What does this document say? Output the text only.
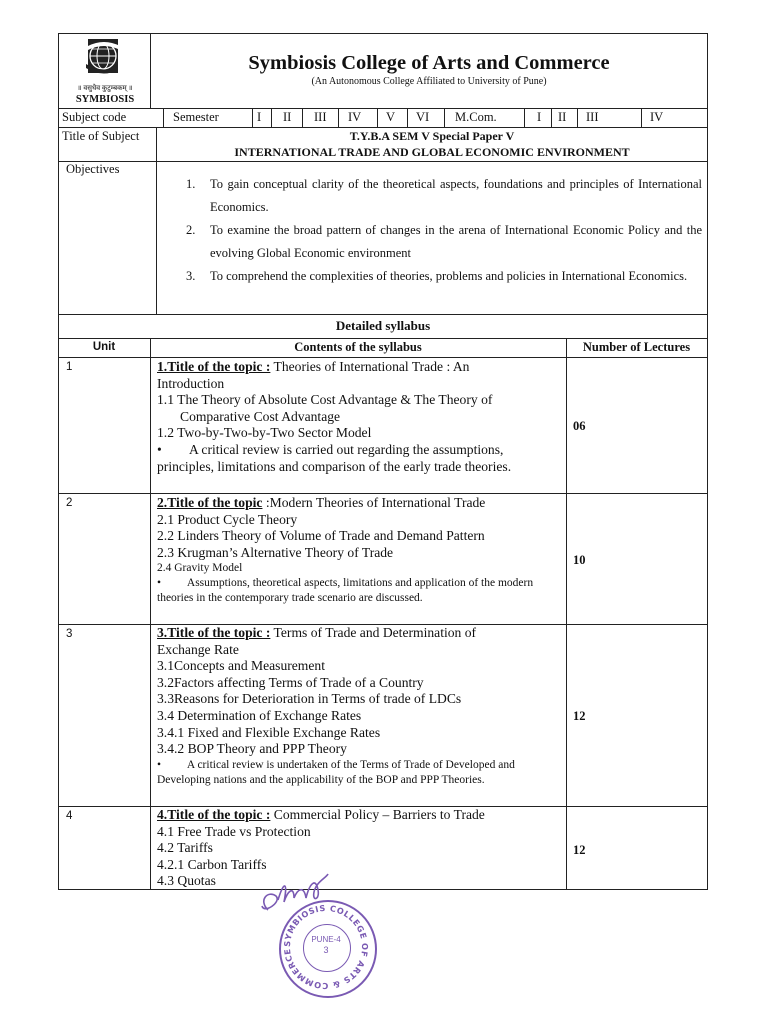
॥ वसुधैव कुटुम्बकम् ॥
SYMBIOSIS
Symbiosis College of Arts and Commerce
(An Autonomous College Affiliated to University of Pune)
Subject code	Semester	I II III IV V VI M.Com.	I II III	IV
Title of Subject	T.Y.B.A SEM V Special Paper V
INTERNATIONAL TRADE AND GLOBAL ECONOMIC ENVIRONMENT
Objectives
1.	To gain conceptual clarity of the theoretical aspects, foundations and principles of International Economics.
2.	To examine the broad pattern of changes in the arena of International Economic Policy and the evolving Global Economic environment
3.	To comprehend the complexities of theories, problems and policies in International Economics.
Detailed syllabus
Unit	Contents of the syllabus	Number of Lectures
1	1.Title of the topic : Theories of International Trade : An
Introduction
1.1 The Theory of Absolute Cost Advantage & The Theory of
Comparative Cost Advantage
1.2 Two-by-Two-by-Two Sector Model
• A critical review is carried out regarding the assumptions, principles, limitations and comparison of the early trade theories.
06
2	2.Title of the topic :Modern Theories of International Trade
2.1 Product Cycle Theory
2.2 Linders Theory of Volume of Trade and Demand Pattern
2.3 Krugman’s Alternative Theory of Trade
2.4 Gravity Model
• Assumptions, theoretical aspects, limitations and application of the modern theories in the contemporary trade scenario are discussed.
10
3	3.Title of the topic : Terms of Trade and Determination of
Exchange Rate
3.1Concepts and Measurement
3.2Factors affecting Terms of Trade of a Country
3.3Reasons for Deterioration in Terms of trade of LDCs
3.4 Determination of Exchange Rates
3.4.1 Fixed and Flexible Exchange Rates
3.4.2 BOP Theory and PPP Theory
• A critical review is undertaken of the Terms of Trade of Developed and Developing nations and the applicability of the BOP and PPP Theories.
12
4	4.Title of the topic : Commercial Policy – Barriers to Trade
4.1 Free Trade vs Protection
4.2 Tariffs
4.2.1 Carbon Tariffs
4.3 Quotas
12
SYMBIOSIS COLLEGE OF ARTS & COMMERCE
PUNE-4
3
